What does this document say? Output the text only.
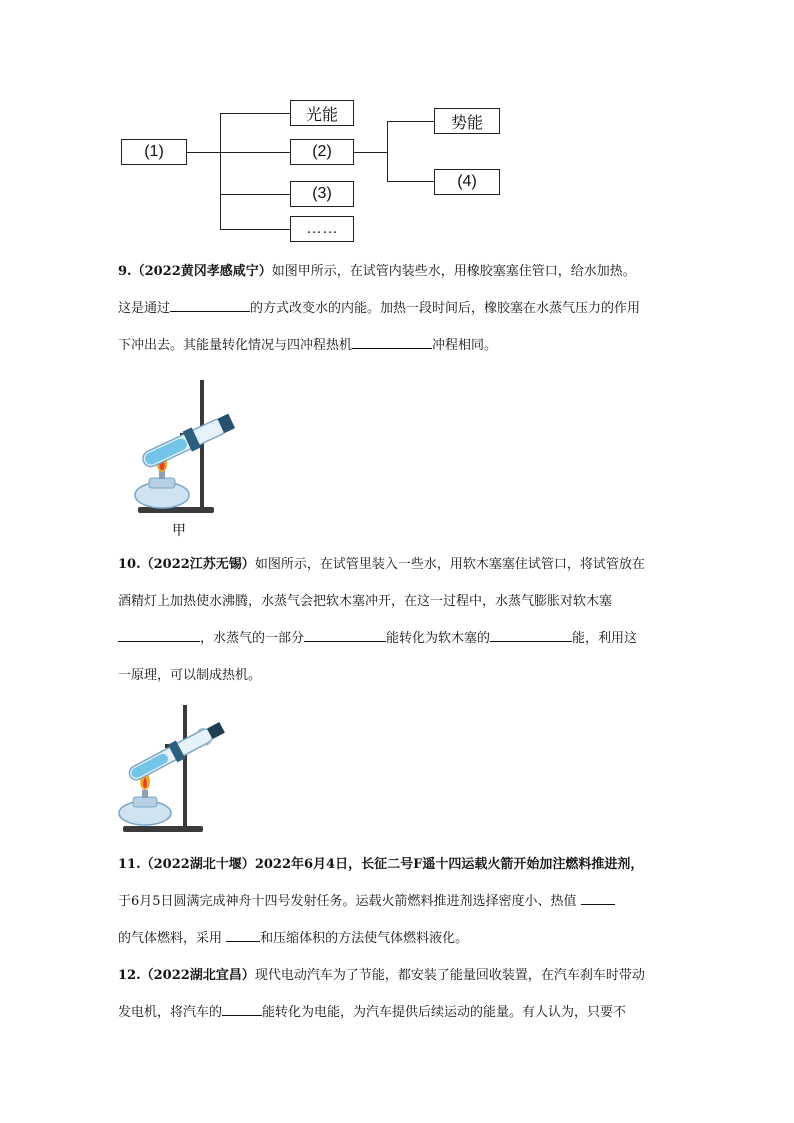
(1)
光能
(2)
(3)
……
势能
(4)

9.（2022黄冈孝感咸宁）如图甲所示，在试管内装些水，用橡胶塞塞住管口，给水加热。

这是通过	的方式改变水的内能。加热一段时间后，橡胶塞在水蒸气压力的作用

下冲出去。其能量转化情况与四冲程热机	冲程相同。

甲

10.（2022江苏无锡）如图所示，在试管里装入一些水，用软木塞塞住试管口，将试管放在

酒精灯上加热使水沸腾，水蒸气会把软木塞冲开，在这一过程中，水蒸气膨胀对软木塞

，水蒸气的一部分	能转化为软木塞的	能，利用这

一原理，可以制成热机。

11.（2022湖北十堰）2022年6月4日，长征二号F遥十四运载火箭开始加注燃料推进剂，

于6月5日圆满完成神舟十四号发射任务。运载火箭燃料推进剂选择密度小、热值

的气体燃料，采用	和压缩体积的方法使气体燃料液化。

12.（2022湖北宜昌）现代电动汽车为了节能，都安装了能量回收装置，在汽车刹车时带动

发电机，将汽车的	能转化为电能，为汽车提供后续运动的能量。有人认为，只要不
